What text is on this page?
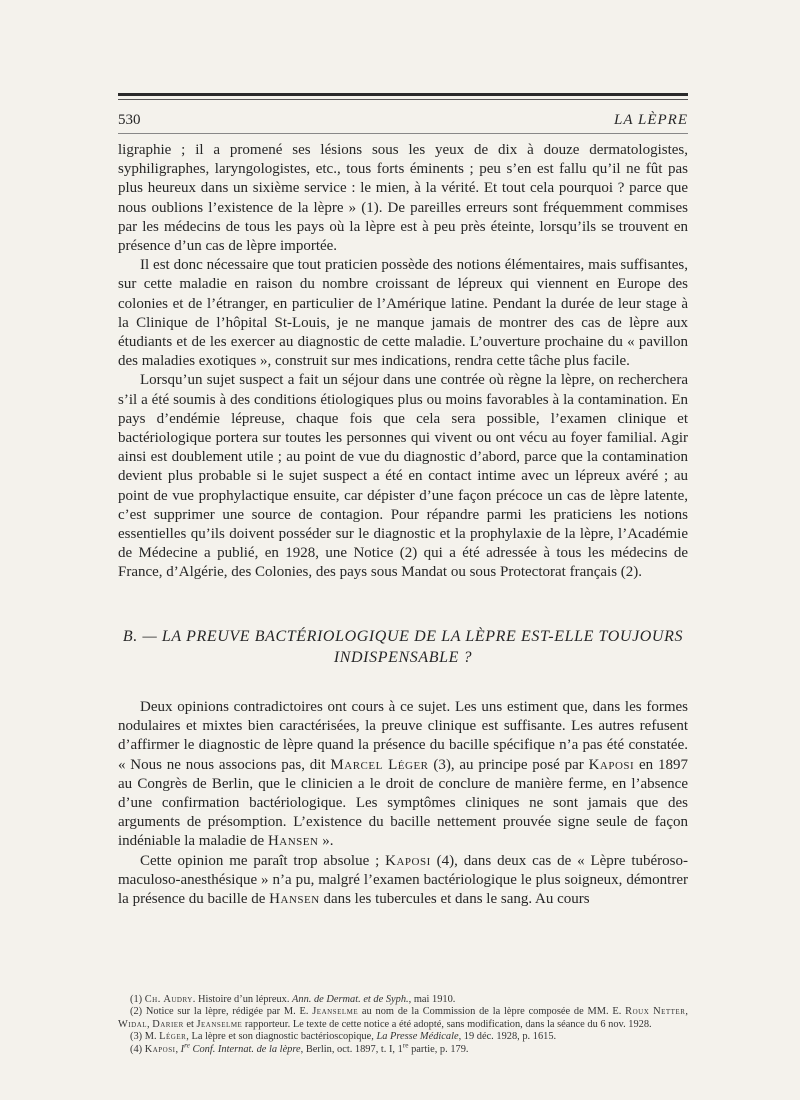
530	LA LÈPRE

ligraphie ; il a promené ses lésions sous les yeux de dix à douze dermatologistes, syphiligraphes, laryngologistes, etc., tous forts éminents ; peu s’en est fallu qu’il ne fût pas plus heureux dans un sixième service : le mien, à la vérité. Et tout cela pourquoi ? parce que nous oublions l’existence de la lèpre » (1). De pareilles erreurs sont fréquemment commises par les médecins de tous les pays où la lèpre est à peu près éteinte, lorsqu’ils se trouvent en présence d’un cas de lèpre importée.

Il est donc nécessaire que tout praticien possède des notions élémentaires, mais suffisantes, sur cette maladie en raison du nombre croissant de lépreux qui viennent en Europe des colonies et de l’étranger, en particulier de l’Amérique latine. Pendant la durée de leur stage à la Clinique de l’hôpital St-Louis, je ne manque jamais de montrer des cas de lèpre aux étudiants et de les exercer au diagnostic de cette maladie. L’ouverture prochaine du « pavillon des maladies exotiques », construit sur mes indications, rendra cette tâche plus facile.

Lorsqu’un sujet suspect a fait un séjour dans une contrée où règne la lèpre, on recherchera s’il a été soumis à des conditions étiologiques plus ou moins favorables à la contamination. En pays d’endémie lépreuse, chaque fois que cela sera possible, l’examen clinique et bactériologique portera sur toutes les personnes qui vivent ou ont vécu au foyer familial. Agir ainsi est doublement utile ; au point de vue du diagnostic d’abord, parce que la contamination devient plus probable si le sujet suspect a été en contact intime avec un lépreux avéré ; au point de vue prophylactique ensuite, car dépister d’une façon précoce un cas de lèpre latente, c’est supprimer une source de contagion. Pour répandre parmi les praticiens les notions essentielles qu’ils doivent posséder sur le diagnostic et la prophylaxie de la lèpre, l’Académie de Médecine a publié, en 1928, une Notice (2) qui a été adressée à tous les médecins de France, d’Algérie, des Colonies, des pays sous Mandat ou sous Protectorat français (2).

B. — LA PREUVE BACTÉRIOLOGIQUE DE LA LÈPRE EST-ELLE TOUJOURS
INDISPENSABLE ?

Deux opinions contradictoires ont cours à ce sujet. Les uns estiment que, dans les formes nodulaires et mixtes bien caractérisées, la preuve clinique est suffisante. Les autres refusent d’affirmer le diagnostic de lèpre quand la présence du bacille spécifique n’a pas été constatée. « Nous ne nous associons pas, dit Marcel Léger (3), au principe posé par Kaposi en 1897 au Congrès de Berlin, que le clinicien a le droit de conclure de manière ferme, en l’absence d’une confirmation bactériologique. Les symptômes cliniques ne sont jamais que des arguments de présomption. L’existence du bacille nettement prouvée signe seule de façon indéniable la maladie de Hansen ».

Cette opinion me paraît trop absolue ; Kaposi (4), dans deux cas de « Lèpre tubéroso-maculoso-anesthésique » n’a pu, malgré l’examen bactériologique le plus soigneux, démontrer la présence du bacille de Hansen dans les tubercules et dans le sang. Au cours

(1) Ch. Audry. Histoire d’un lépreux. Ann. de Dermat. et de Syph., mai 1910.

(2) Notice sur la lèpre, rédigée par M. E. Jeanselme au nom de la Commission de la lèpre composée de MM. E. Roux Netter, Widal, Darier et Jeanselme rapporteur. Le texte de cette notice a été adopté, sans modification, dans la séance du 6 nov. 1928.

(3) M. Léger, La lèpre et son diagnostic bactérioscopique, La Presse Médicale, 19 déc. 1928, p. 1615.

(4) Kaposi, Ire Conf. Internat. de la lèpre, Berlin, oct. 1897, t. I, 1re partie, p. 179.
